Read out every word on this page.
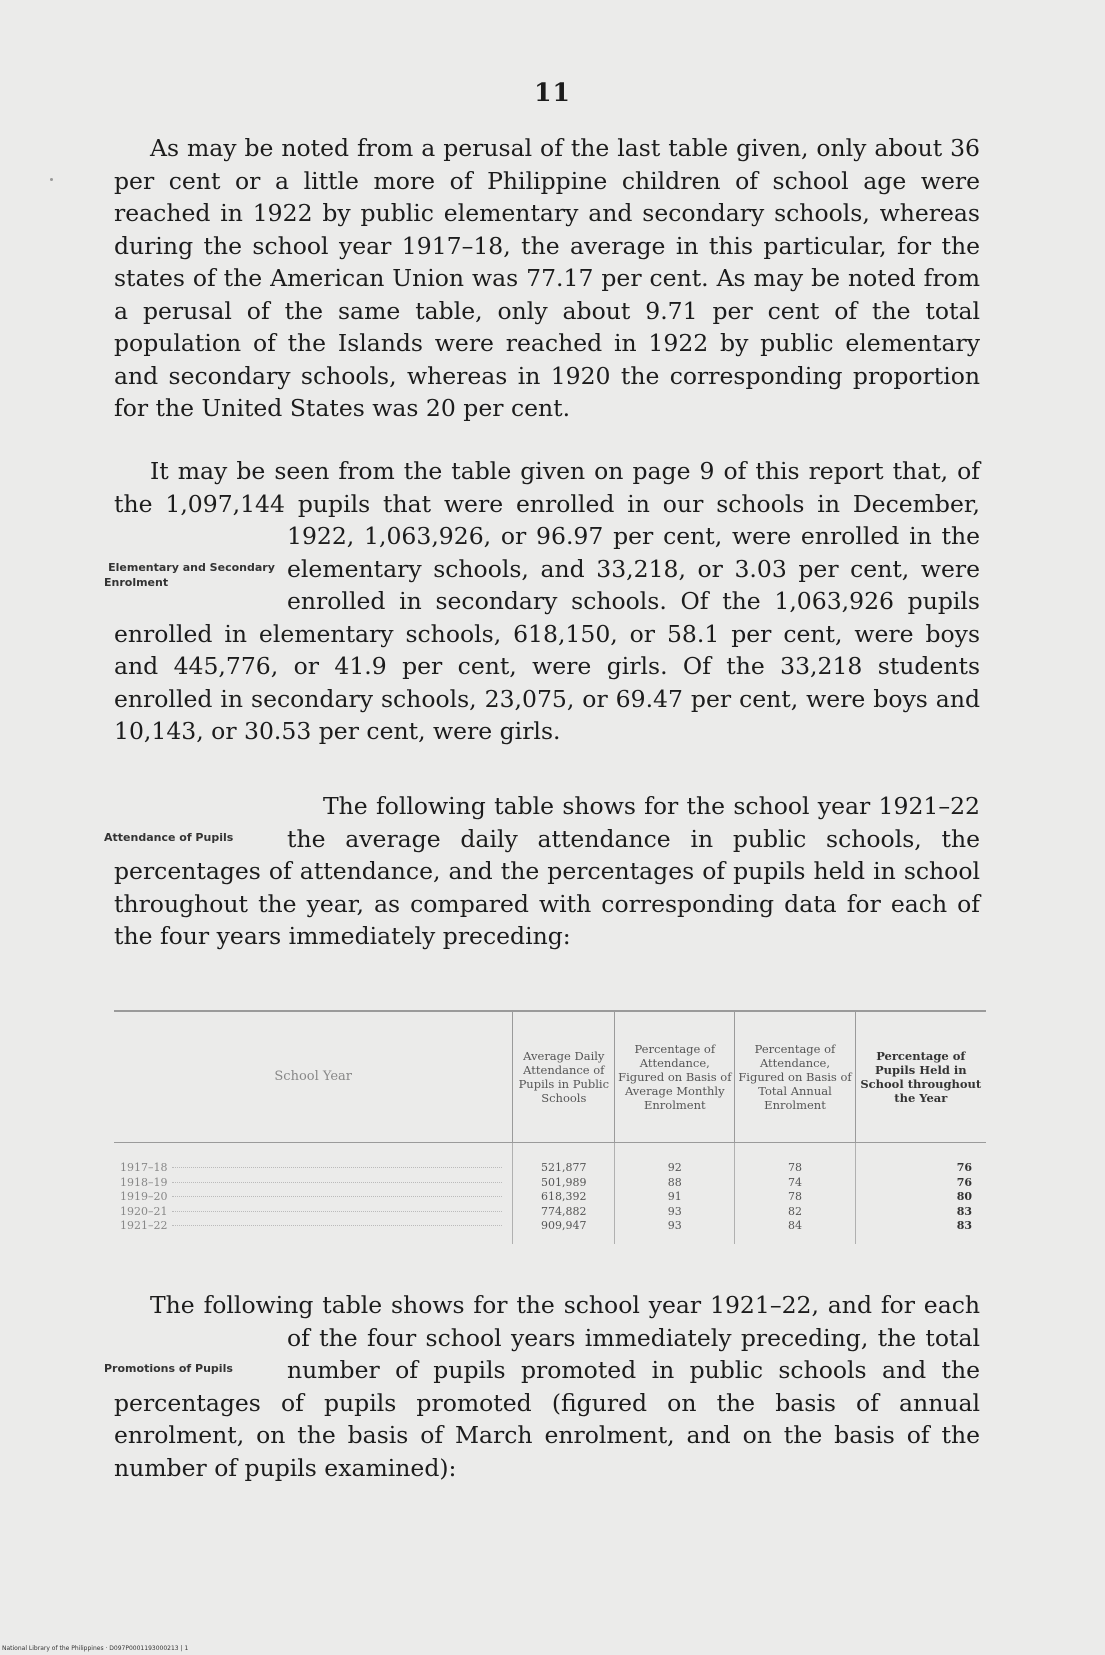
11

As may be noted from a perusal of the last table given, only about 36 per cent or a little more of Philippine children of school age were reached in 1922 by public elementary and secondary schools, whereas during the school year 1917–18, the average in this particular, for the states of the American Union was 77.17 per cent. As may be noted from a perusal of the same table, only about 9.71 per cent of the total population of the Islands were reached in 1922 by public elementary and secondary schools, whereas in 1920 the corresponding proportion for the United States was 20 per cent.

Elementary and Secondary Enrolment
It may be seen from the table given on page 9 of this report that, of the 1,097,144 pupils that were enrolled in our schools in December, 1922, 1,063,926, or 96.97 per cent, were enrolled in the elementary schools, and 33,218, or 3.03 per cent, were enrolled in secondary schools. Of the 1,063,926 pupils enrolled in elementary schools, 618,150, or 58.1 per cent, were boys and 445,776, or 41.9 per cent, were girls. Of the 33,218 students enrolled in secondary schools, 23,075, or 69.47 per cent, were boys and 10,143, or 30.53 per cent, were girls.

Attendance of Pupils
The following table shows for the school year 1921–22 the average daily attendance in public schools, the percentages of attendance, and the percentages of pupils held in school throughout the year, as compared with corresponding data for each of the four years immediately preceding:

School Year	Average Daily Attendance of Pupils in Public Schools	Percentage of Attendance, Figured on Basis of Average Monthly Enrolment	Percentage of Attendance, Figured on Basis of Total Annual Enrolment	Percentage of Pupils Held in School throughout the Year
1917–18	521,877	92	78	76
1918–19	501,989	88	74	76
1919–20	618,392	91	78	80
1920–21	774,882	93	82	83
1921–22	909,947	93	84	83

Promotions of Pupils
The following table shows for the school year 1921–22, and for each of the four school years immediately preceding, the total number of pupils promoted in public schools and the percentages of pupils promoted (figured on the basis of annual enrolment, on the basis of March enrolment, and on the basis of the number of pupils examined):

National Library of the Philippines · D097P0001193000213 | 1
